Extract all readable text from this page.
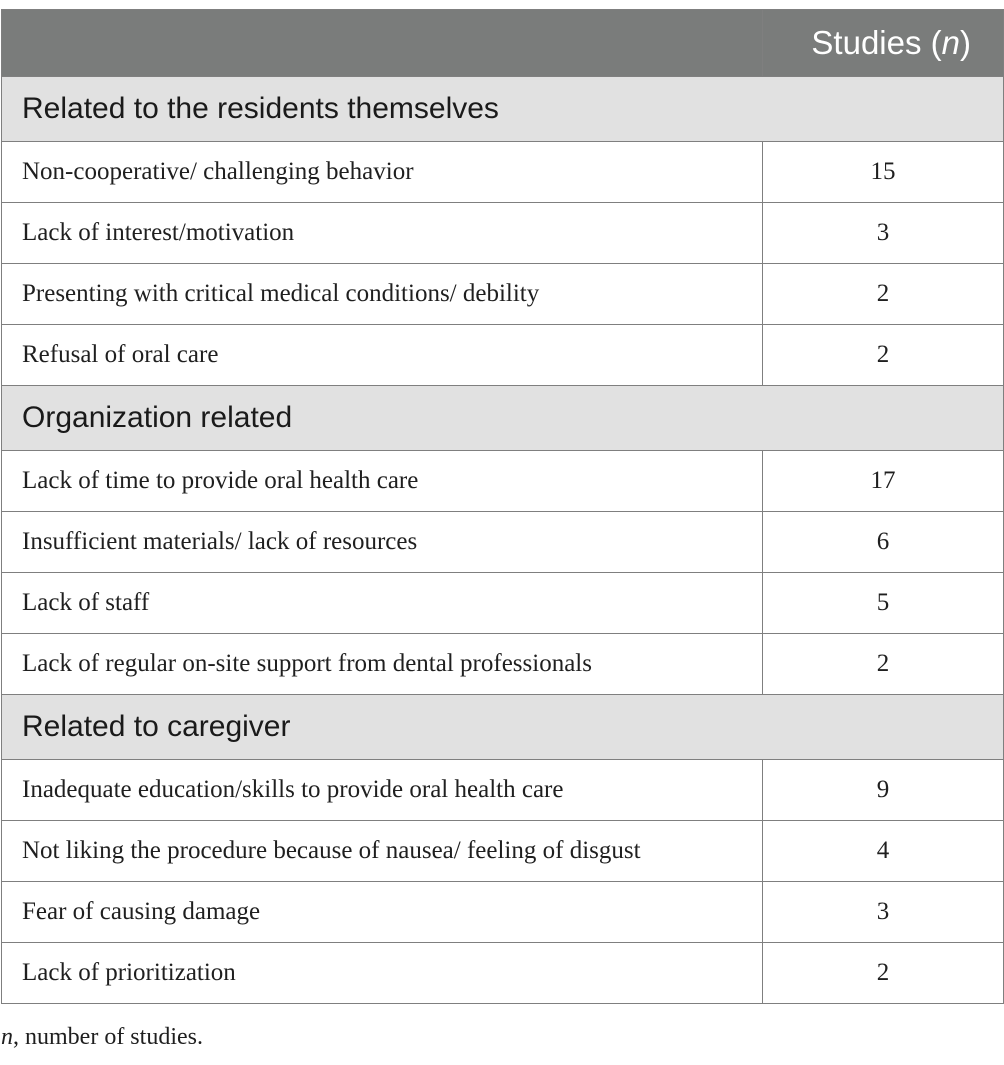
	Studies (n)
Related to the residents themselves	
Non-cooperative/ challenging behavior	15
Lack of interest/motivation	3
Presenting with critical medical conditions/ debility	2
Refusal of oral care	2
Organization related	
Lack of time to provide oral health care	17
Insufficient materials/ lack of resources	6
Lack of staff	5
Lack of regular on-site support from dental professionals	2
Related to caregiver	
Inadequate education/skills to provide oral health care	9
Not liking the procedure because of nausea/ feeling of disgust	4
Fear of causing damage	3
Lack of prioritization	2
n, number of studies.
